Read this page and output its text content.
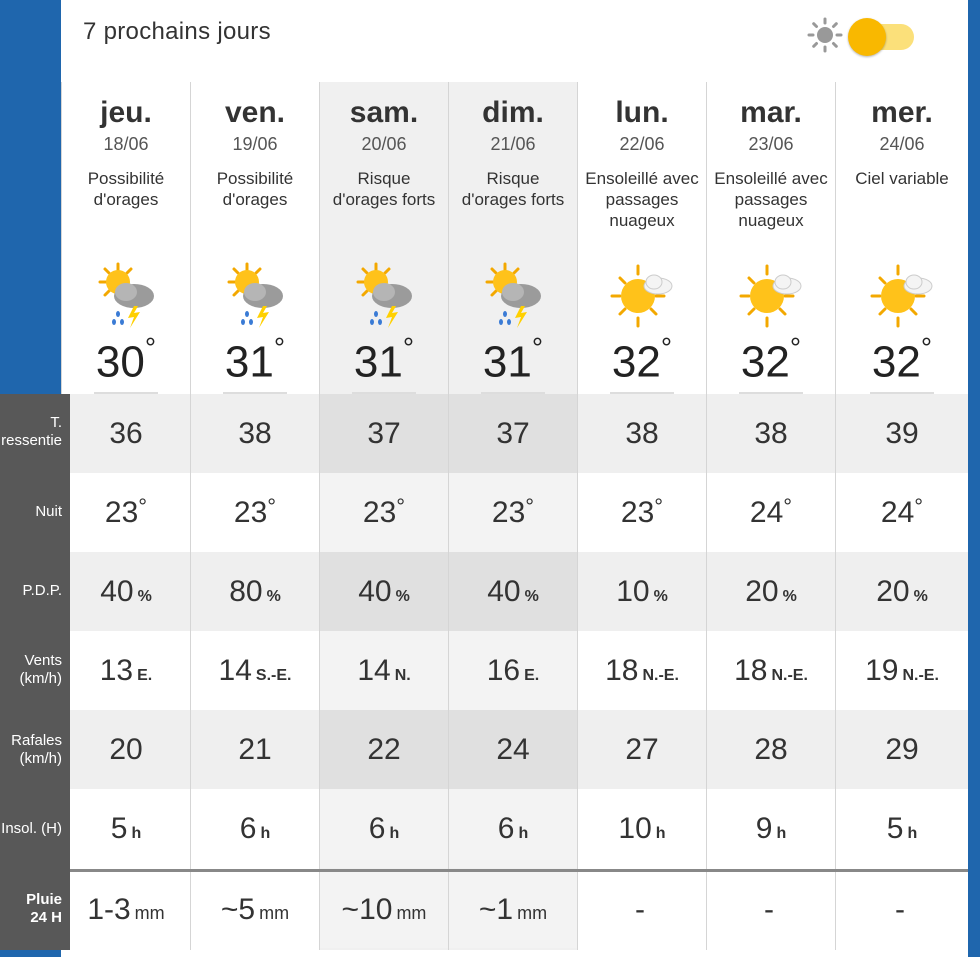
7 prochains jours
jeu.
18/06
Possibilité
d'orages
30°
36
23°
40 %
13 E.
20
5 h
1-3 mm
ven.
19/06
Possibilité
d'orages
31°
38
23°
80 %
14 S.-E.
21
6 h
~5 mm
sam.
20/06
Risque
d'orages forts
31°
37
23°
40 %
14 N.
22
6 h
~10 mm
dim.
21/06
Risque
d'orages forts
31°
37
23°
40 %
16 E.
24
6 h
~1 mm
lun.
22/06
Ensoleillé avec
passages
nuageux
32°
38
23°
10 %
18 N.-E.
27
10 h
-
mar.
23/06
Ensoleillé avec
passages
nuageux
32°
38
24°
20 %
18 N.-E.
28
9 h
-
mer.
24/06
Ciel variable
32°
39
24°
20 %
19 N.-E.
29
5 h
-
T.
ressentie
Nuit
P.D.P.
Vents
(km/h)
Rafales
(km/h)
Insol. (H)
Pluie
24 H
